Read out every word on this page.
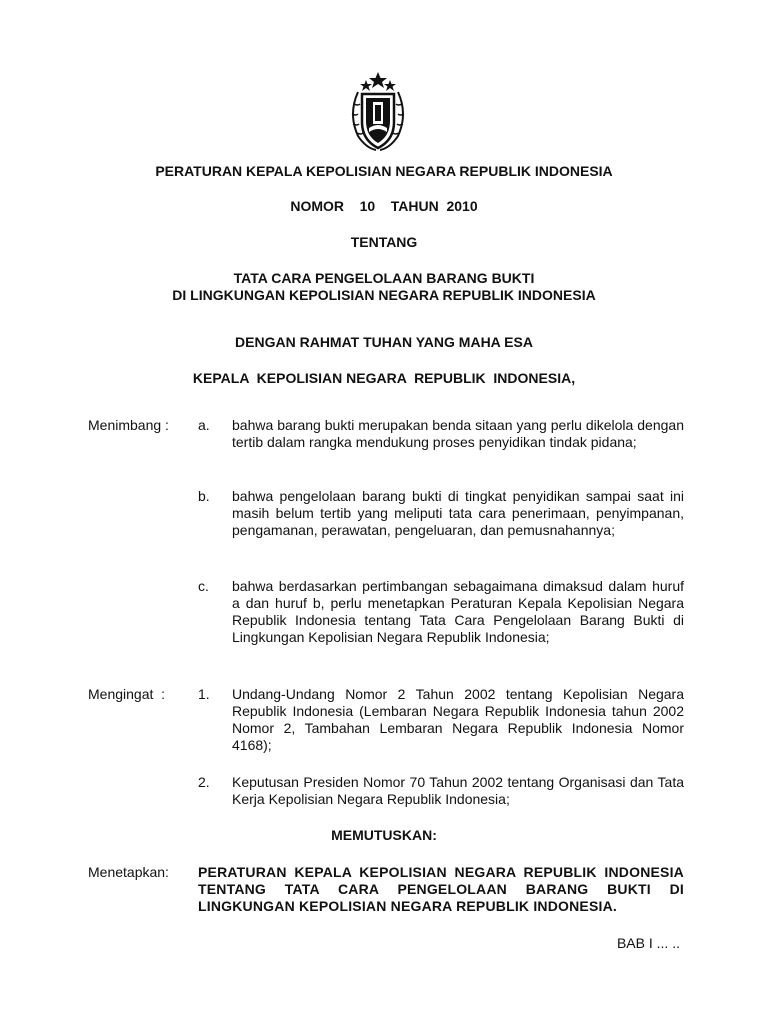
PERATURAN KEPALA KEPOLISIAN NEGARA REPUBLIK INDONESIA
NOMOR    10    TAHUN  2010
TENTANG
TATA CARA PENGELOLAAN BARANG BUKTI
DI LINGKUNGAN KEPOLISIAN NEGARA REPUBLIK INDONESIA
DENGAN RAHMAT TUHAN YANG MAHA ESA
KEPALA  KEPOLISIAN NEGARA  REPUBLIK  INDONESIA,
Menimbang : a. bahwa barang bukti merupakan benda sitaan yang perlu dikelola dengan tertib dalam rangka mendukung proses penyidikan tindak pidana;
b. bahwa pengelolaan barang bukti di tingkat penyidikan sampai saat ini masih belum tertib yang meliputi tata cara penerimaan, penyimpanan, pengamanan, perawatan, pengeluaran, dan pemusnahannya;
c. bahwa berdasarkan pertimbangan sebagaimana dimaksud dalam huruf a dan huruf b, perlu menetapkan Peraturan Kepala Kepolisian Negara Republik Indonesia tentang Tata Cara Pengelolaan Barang Bukti di Lingkungan Kepolisian Negara Republik Indonesia;
Mengingat  : 1. Undang-Undang Nomor 2 Tahun 2002 tentang Kepolisian Negara Republik Indonesia (Lembaran Negara Republik Indonesia tahun 2002 Nomor 2, Tambahan Lembaran Negara Republik Indonesia Nomor 4168);
2. Keputusan Presiden Nomor 70 Tahun 2002 tentang Organisasi dan Tata Kerja Kepolisian Negara Republik Indonesia;
MEMUTUSKAN:
Menetapkan: PERATURAN KEPALA KEPOLISIAN NEGARA REPUBLIK INDONESIA TENTANG TATA CARA PENGELOLAAN BARANG BUKTI DI LINGKUNGAN KEPOLISIAN NEGARA REPUBLIK INDONESIA.
BAB I ... ..
